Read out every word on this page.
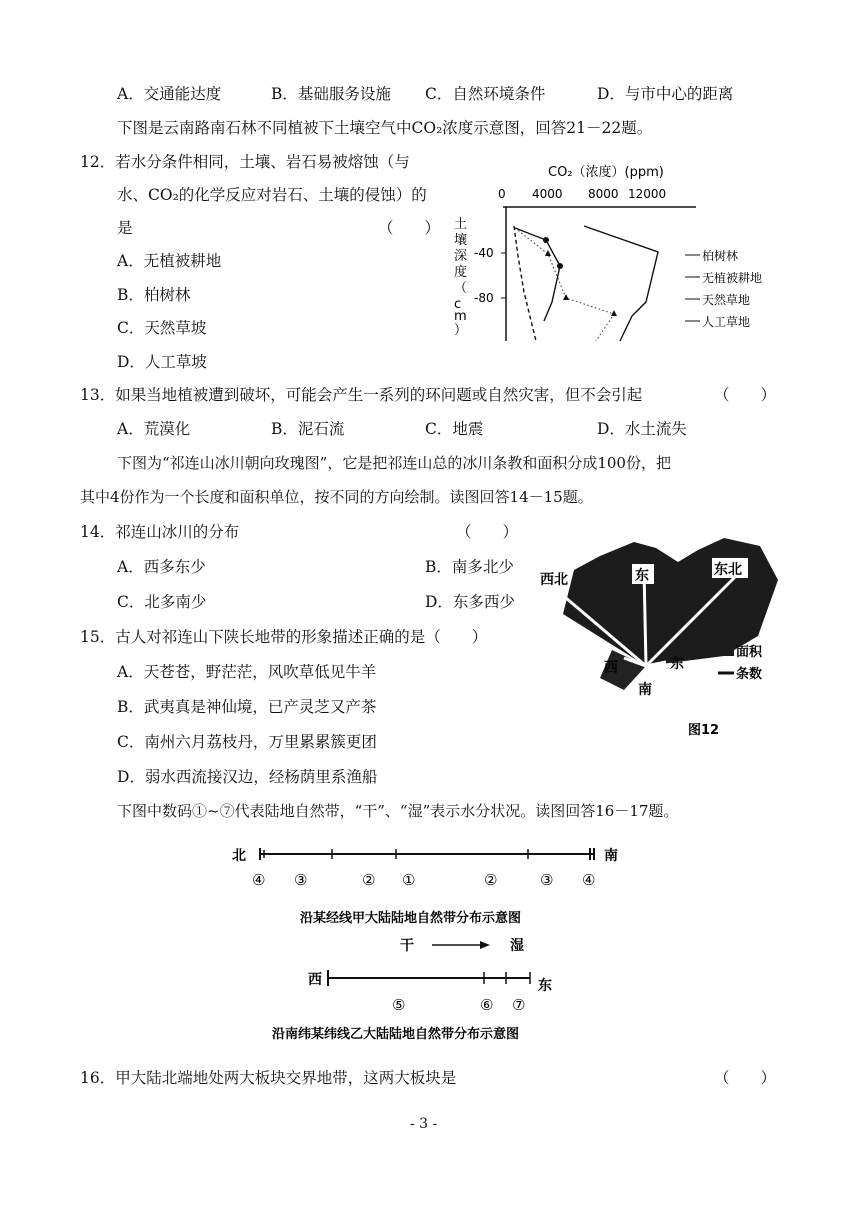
A．交通能达度	B．基础服务设施 C．自然环境条件	D．与市中心的距离
下图是云南路南石林不同植被下土壤空气中CO₂浓度示意图，回答21－22题。
12．若水分条件相同，土壤、岩石易被熔蚀（与
水、CO₂的化学反应对岩石、土壤的侵蚀）的
是	（　　）
A．无植被耕地
B．柏树林
C．天然草坡
D．人工草坡
CO₂（浓度）(ppm)
0 4000 8000 12000
土
壤
深
度
（
c
m
）
-40
-80
柏树林
无植被耕地
天然草地
人工草地
13．如果当地植被遭到破坏，可能会产生一系列的环问题或自然灾害，但不会引起	（　　）
A．荒漠化	B．泥石流	C．地震	D．水土流失
下图为“祁连山冰川朝向玫瑰图”，它是把祁连山总的冰川条教和面积分成100份，把
其中4份作为一个长度和面积单位，按不同的方向绘制。读图回答14－15题。
14．祁连山冰川的分布	（　　）
A．西多东少	B．南多北少
C．北多南少	D．东多西少
西北	东	东北
西	东
南
面积
条数
图12
15．古人对祁连山下陕长地带的形象描述正确的是（　　）
A．天苍苍，野茫茫，风吹草低见牛羊
B．武夷真是神仙境，已产灵芝又产茶
C．南州六月荔枝丹，万里累累簇更团
D．弱水西流接汉边，经杨荫里系渔船
下图中数码①~⑦代表陆地自然带，“干”、“湿”表示水分状况。读图回答16－17题。
北	南
④ ③	② ①	②	③ ④
沿某经线甲大陆陆地自然带分布示意图
干	湿
西	东
⑤	⑥ ⑦
沿南纬某纬线乙大陆陆地自然带分布示意图
16．甲大陆北端地处两大板块交界地带，这两大板块是	（　　）
- 3 -
